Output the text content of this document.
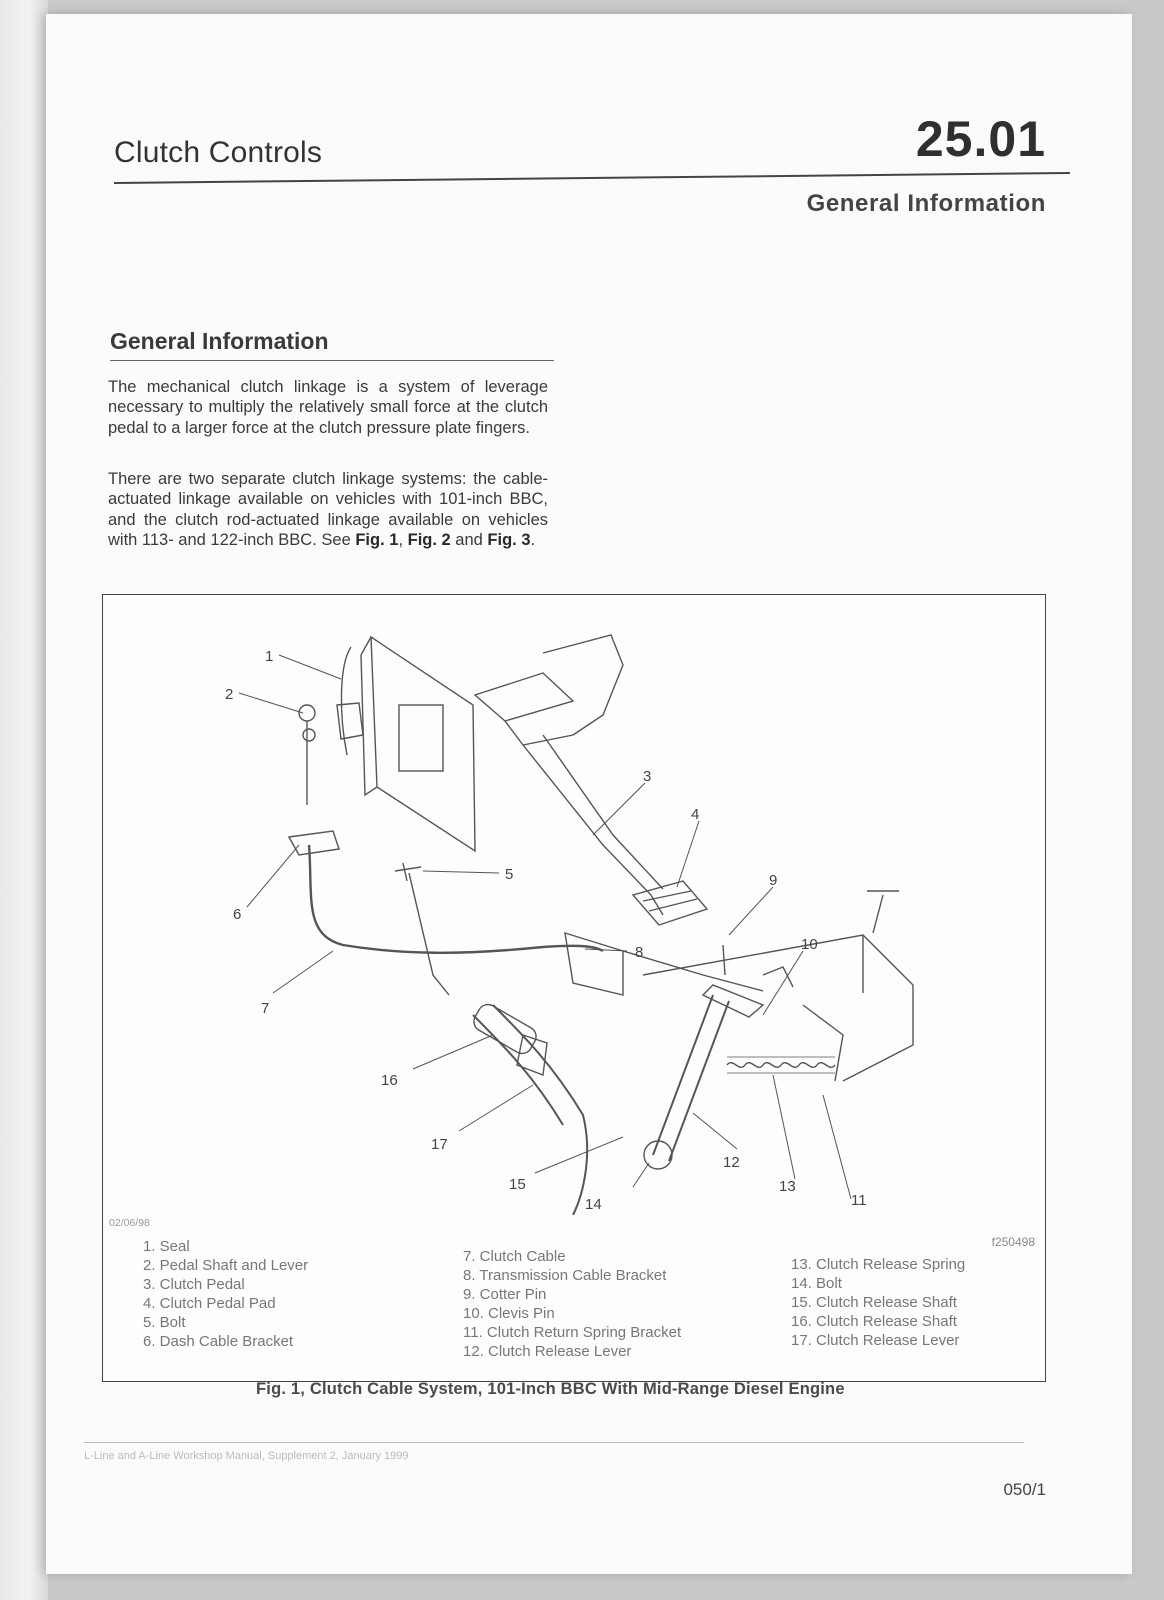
Clutch Controls	25.01
General Information
General Information

The mechanical clutch linkage is a system of leverage necessary to multiply the relatively small force at the clutch pedal to a larger force at the clutch pressure plate fingers.

There are two separate clutch linkage systems: the cable-actuated linkage available on vehicles with 101-inch BBC, and the clutch rod-actuated linkage available on vehicles with 113- and 122-inch BBC. See Fig. 1, Fig. 2 and Fig. 3.

1
2
3
4
5
6
7
8
9
10
11
12
13
14
15
16
17
02/06/98
f250498
1. Seal
2. Pedal Shaft and Lever
3. Clutch Pedal
4. Clutch Pedal Pad
5. Bolt
6. Dash Cable Bracket
7. Clutch Cable
8. Transmission Cable Bracket
9. Cotter Pin
10. Clevis Pin
11. Clutch Return Spring Bracket
12. Clutch Release Lever
13. Clutch Release Spring
14. Bolt
15. Clutch Release Shaft
16. Clutch Release Shaft
17. Clutch Release Lever
Fig. 1, Clutch Cable System, 101-Inch BBC With Mid-Range Diesel Engine
L-Line and A-Line Workshop Manual, Supplement 2, January 1999
050/1
